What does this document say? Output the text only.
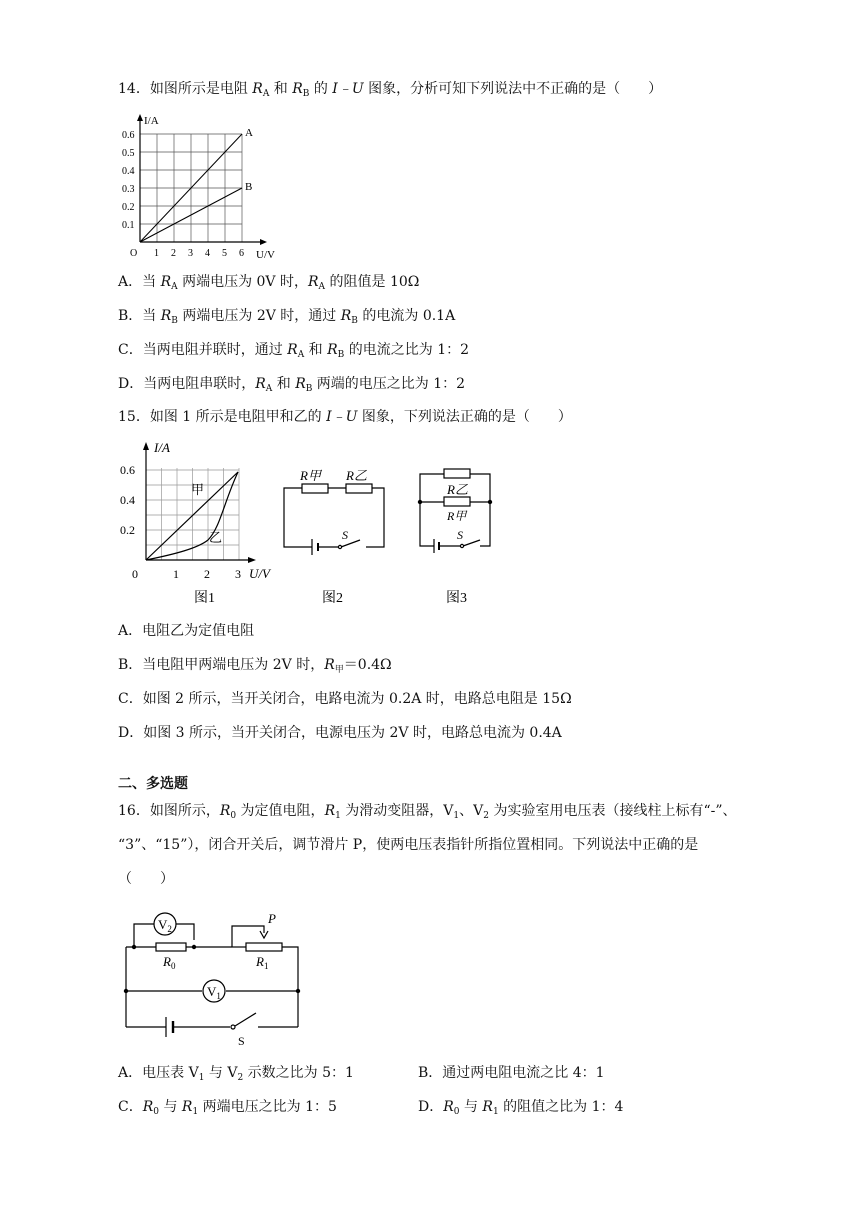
14．如图所示是电阻 $R_A$ 和 $R_B$ 的 I﹣U 图象，分析可知下列说法中不正确的是（　　）
A
B
0.1
0.2
0.3
0.4
0.5
0.6
1 2 3 4 5 6
O
I/A
U/V
A．当 $R_A$ 两端电压为 0V 时，$R_A$ 的阻值是 10Ω
B．当 $R_B$ 两端电压为 2V 时，通过 $R_B$ 的电流为 0.1A
C．当两电阻并联时，通过 $R_A$ 和 $R_B$ 的电流之比为 1：2
D．当两电阻串联时，$R_A$ 和 $R_B$ 两端的电压之比为 1：2
15．如图 1 所示是电阻甲和乙的 I﹣U 图象，下列说法正确的是（　　）
I/A
U/V
0
0.2
0.4
0.6
1 2 3
甲
乙
图1
R甲 R乙
S
图2
R乙
R甲
S
图3
A．电阻乙为定值电阻
B．当电阻甲两端电压为 2V 时，$R_甲=0.4\Omega$
C．如图 2 所示，当开关闭合，电路电流为 0.2A 时，电路总电阻是 15Ω
D．如图 3 所示，当开关闭合，电源电压为 2V 时，电路总电流为 0.4A
二、多选题
16．如图所示，$R_0$ 为定值电阻，$R_1$ 为滑动变阻器，$V_1$、$V_2$ 为实验室用电压表（接线柱上标有“-”、
“3”、“15”），闭合开关后，调节滑片 P，使两电压表指针所指位置相同。下列说法中正确的是
（　　）
$V_2$
$V_1$
$R_0$	$R_1$
P
S
A．电压表 $V_1$ 与 $V_2$ 示数之比为 5：1	B．通过两电阻电流之比 4：1
C．$R_0$ 与 $R_1$ 两端电压之比为 1：5	D．$R_0$ 与 $R_1$ 的阻值之比为 1：4
